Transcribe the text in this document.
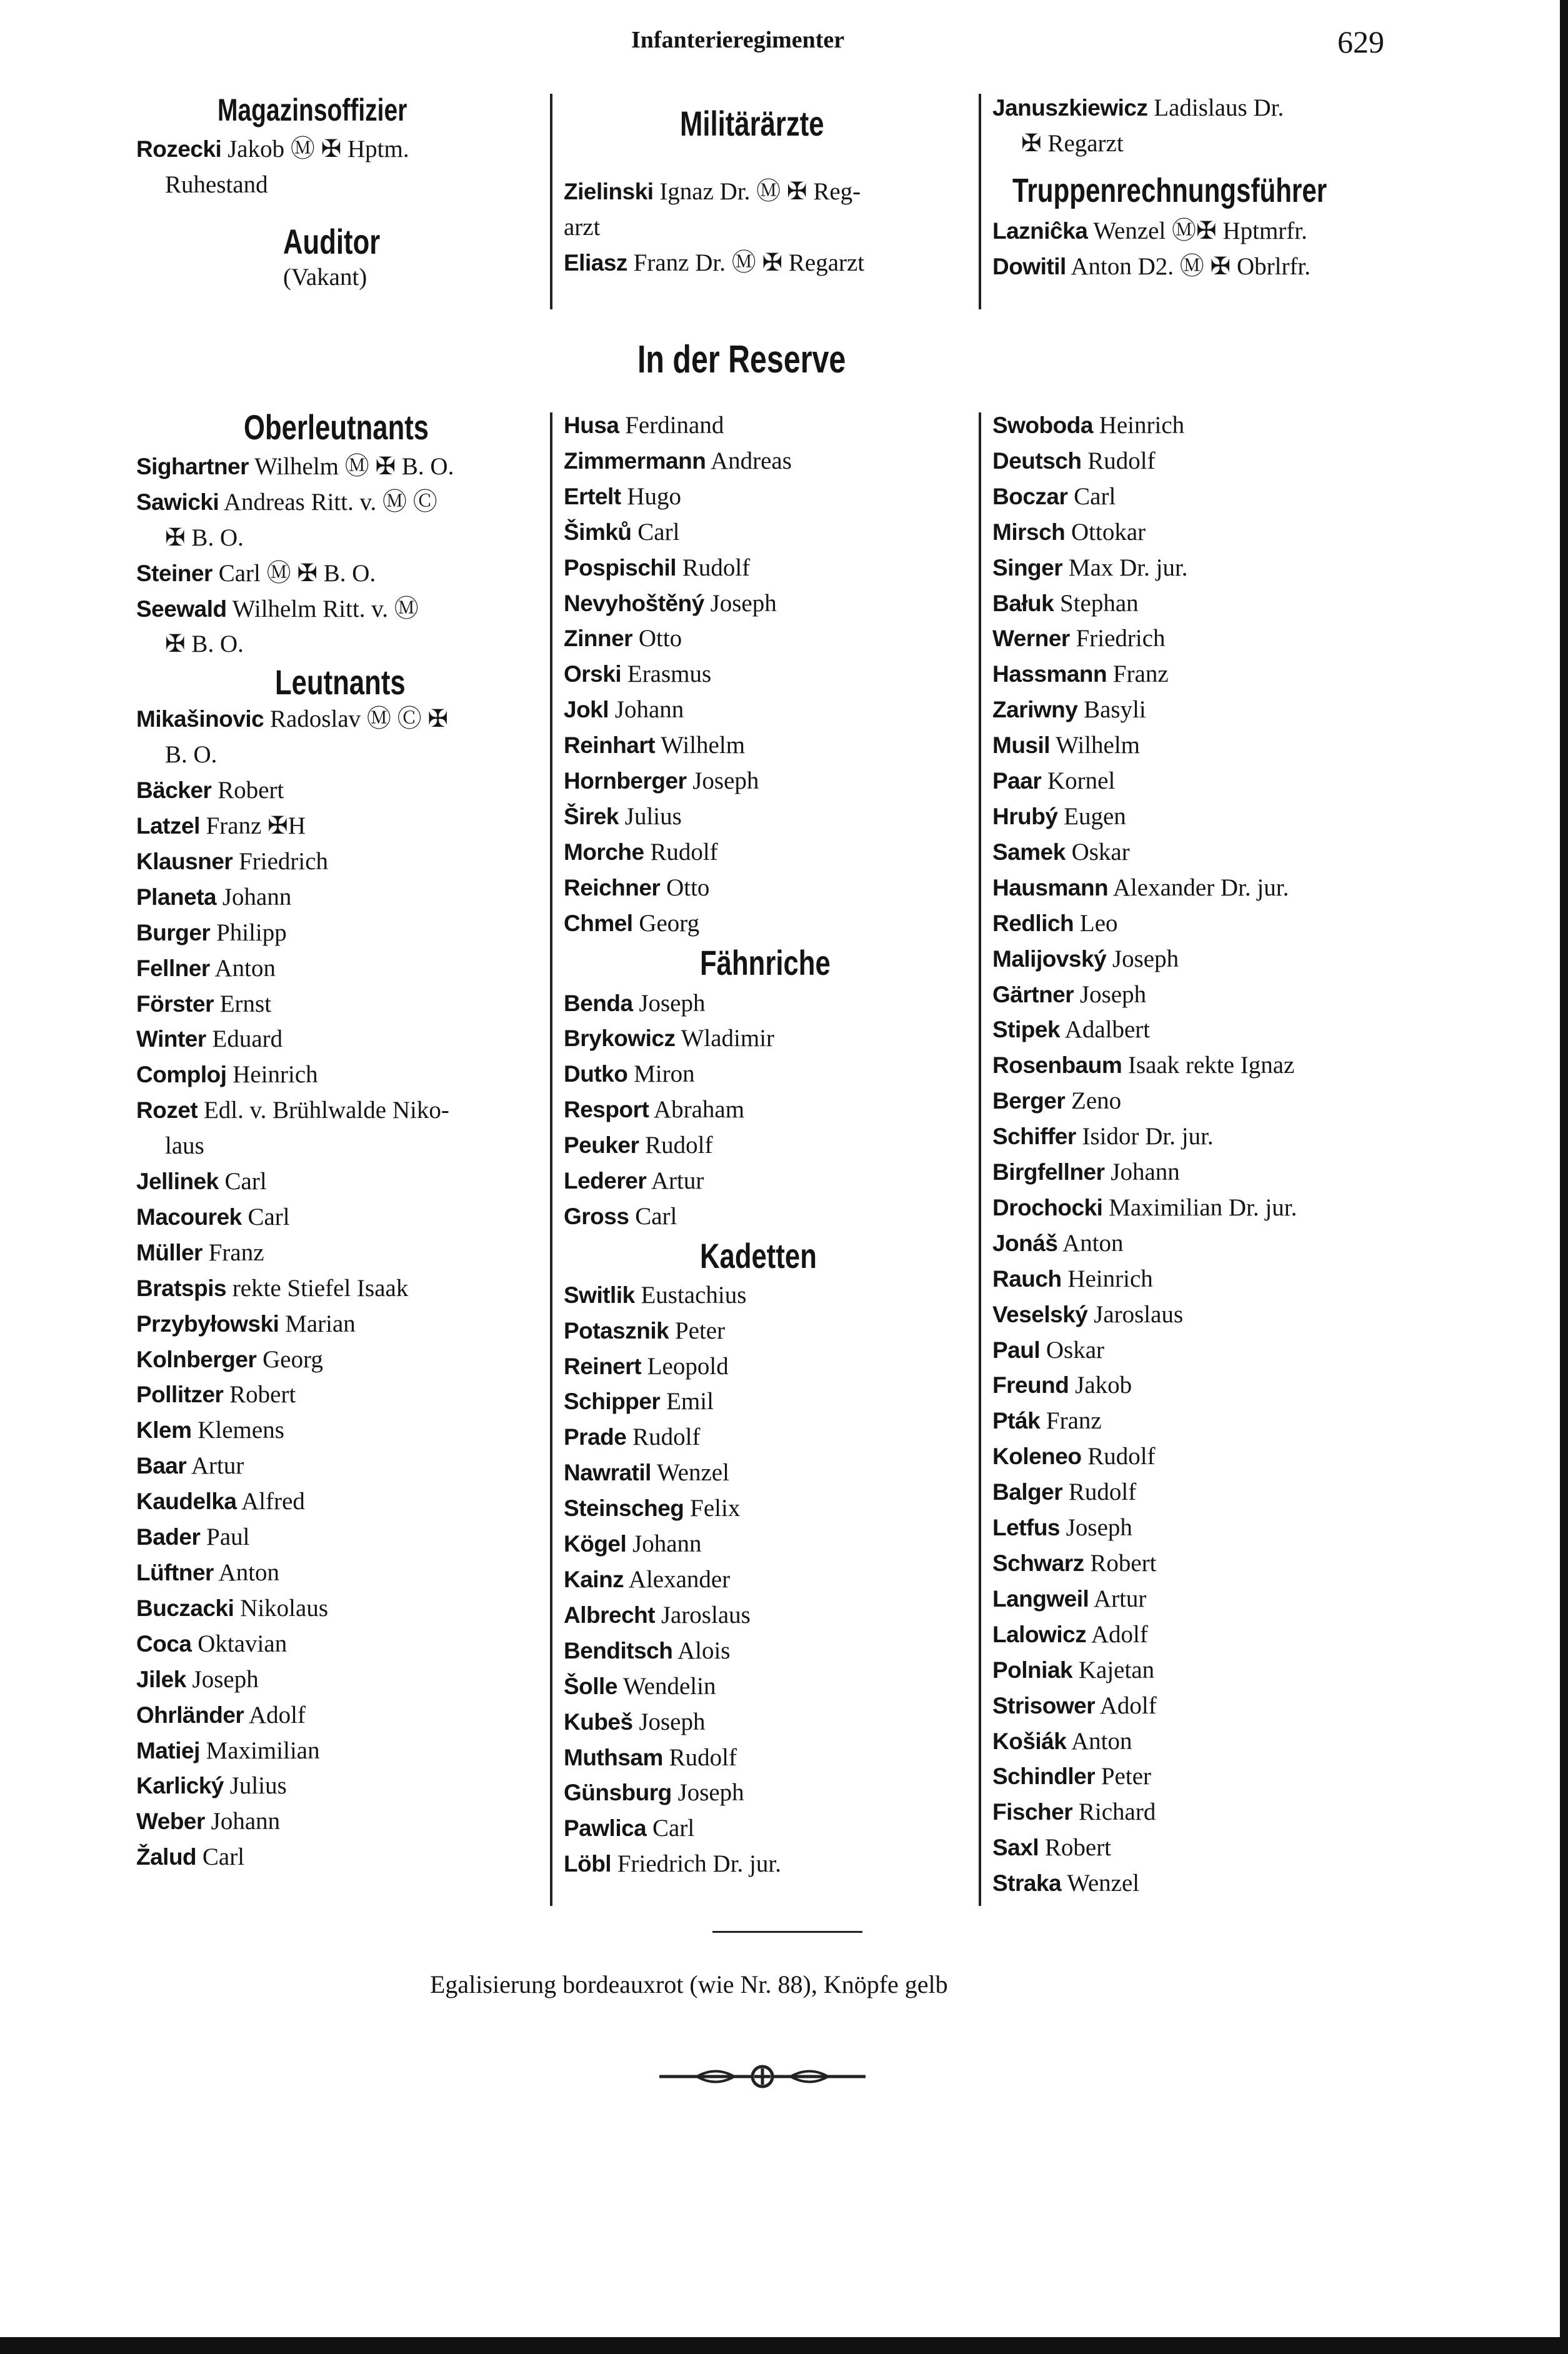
Infanterieregimenter	629
Magazinsoffizier
Rozecki Jakob Ⓜ ✠ Hptm.
Ruhestand
Auditor
(Vakant)
Militärärzte
Zielinski Ignaz Dr. Ⓜ ✠ Reg-
arzt
Eliasz Franz Dr. Ⓜ ✠ Regarzt
Januszkiewicz Ladislaus Dr.
✠ Regarzt
Truppenrechnungsführer
Lazniĉka Wenzel Ⓜ✠ Hptmrfr.
Dowitil Anton D2. Ⓜ ✠ Obrlrfr.
In der Reserve
Oberleutnants
Sighartner Wilhelm Ⓜ ✠ B. O.
Sawicki Andreas Ritt. v. Ⓜ Ⓒ
✠ B. O.
Steiner Carl Ⓜ ✠ B. O.
Seewald Wilhelm Ritt. v. Ⓜ
✠ B. O.
Leutnants
Mikašinovic Radoslav Ⓜ Ⓒ ✠
B. O.
Bäcker Robert
Latzel Franz ✠H
Klausner Friedrich
Planeta Johann
Burger Philipp
Fellner Anton
Förster Ernst
Winter Eduard
Comploj Heinrich
Rozet Edl. v. Brühlwalde Niko-
laus
Jellinek Carl
Macourek Carl
Müller Franz
Bratspis rekte Stiefel Isaak
Przybyłowski Marian
Kolnberger Georg
Pollitzer Robert
Klem Klemens
Baar Artur
Kaudelka Alfred
Bader Paul
Lüftner Anton
Buczacki Nikolaus
Coca Oktavian
Jilek Joseph
Ohrländer Adolf
Matiej Maximilian
Karlický Julius
Weber Johann
Žalud Carl
Husa Ferdinand
Zimmermann Andreas
Ertelt Hugo
Šimků Carl
Pospischil Rudolf
Nevyhoštěný Joseph
Zinner Otto
Orski Erasmus
Jokl Johann
Reinhart Wilhelm
Hornberger Joseph
Širek Julius
Morche Rudolf
Reichner Otto
Chmel Georg
Fähnriche
Benda Joseph
Brykowicz Wladimir
Dutko Miron
Resport Abraham
Peuker Rudolf
Lederer Artur
Gross Carl
Kadetten
Switlik Eustachius
Potasznik Peter
Reinert Leopold
Schipper Emil
Prade Rudolf
Nawratil Wenzel
Steinscheg Felix
Kögel Johann
Kainz Alexander
Albrecht Jaroslaus
Benditsch Alois
Šolle Wendelin
Kubeš Joseph
Muthsam Rudolf
Günsburg Joseph
Pawlica Carl
Löbl Friedrich Dr. jur.
Swoboda Heinrich
Deutsch Rudolf
Boczar Carl
Mirsch Ottokar
Singer Max Dr. jur.
Bałuk Stephan
Werner Friedrich
Hassmann Franz
Zariwny Basyli
Musil Wilhelm
Paar Kornel
Hrubý Eugen
Samek Oskar
Hausmann Alexander Dr. jur.
Redlich Leo
Malijovský Joseph
Gärtner Joseph
Stipek Adalbert
Rosenbaum Isaak rekte Ignaz
Berger Zeno
Schiffer Isidor Dr. jur.
Birgfellner Johann
Drochocki Maximilian Dr. jur.
Jonáš Anton
Rauch Heinrich
Veselský Jaroslaus
Paul Oskar
Freund Jakob
Pták Franz
Koleneo Rudolf
Balger Rudolf
Letfus Joseph
Schwarz Robert
Langweil Artur
Lalowicz Adolf
Polniak Kajetan
Strisower Adolf
Košiák Anton
Schindler Peter
Fischer Richard
Saxl Robert
Straka Wenzel
Egalisierung bordeauxrot (wie Nr. 88), Knöpfe gelb
